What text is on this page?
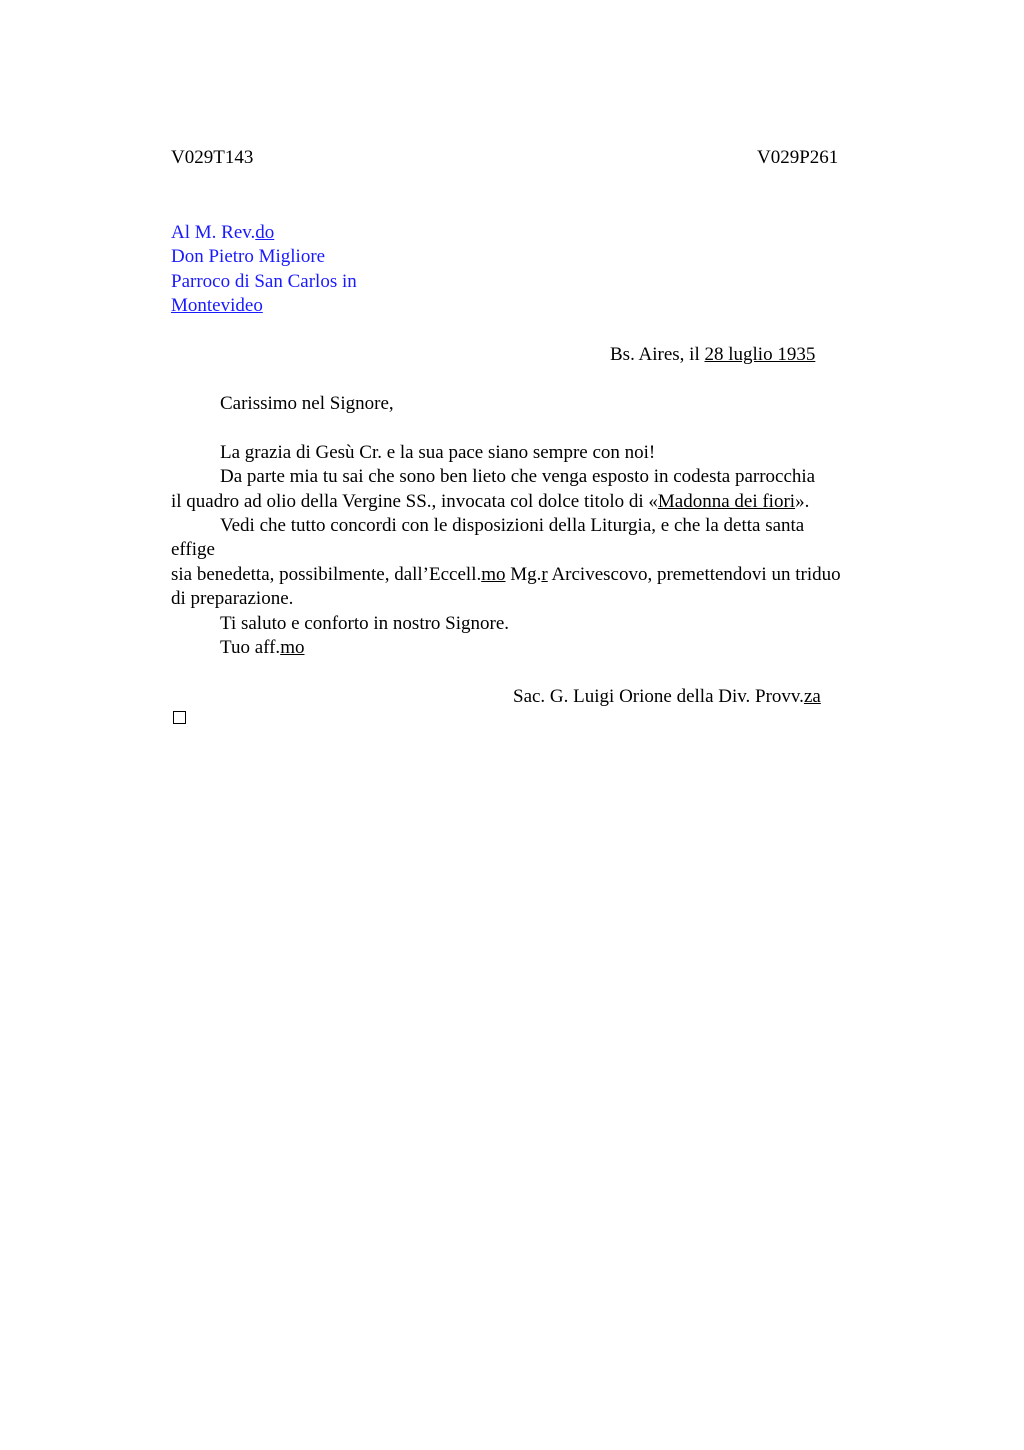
V029T143	V029P261
Al M. Rev.do
Don Pietro Migliore
Parroco di San Carlos in
Montevideo
Bs. Aires, il 28 luglio 1935
Carissimo nel Signore,
La grazia di Gesù Cr. e la sua pace siano sempre con noi!
Da parte mia tu sai che sono ben lieto che venga esposto in codesta parrocchia
il quadro ad olio della Vergine SS., invocata col dolce titolo di «Madonna dei fiori».
Vedi che tutto concordi con le disposizioni della Liturgia, e che la detta santa
effige
sia benedetta, possibilmente, dall’Eccell.mo Mg.r Arcivescovo, premettendovi un triduo
di preparazione.
Ti saluto e conforto in nostro Signore.
Tuo aff.mo
Sac. G. Luigi Orione della Div. Provv.za
